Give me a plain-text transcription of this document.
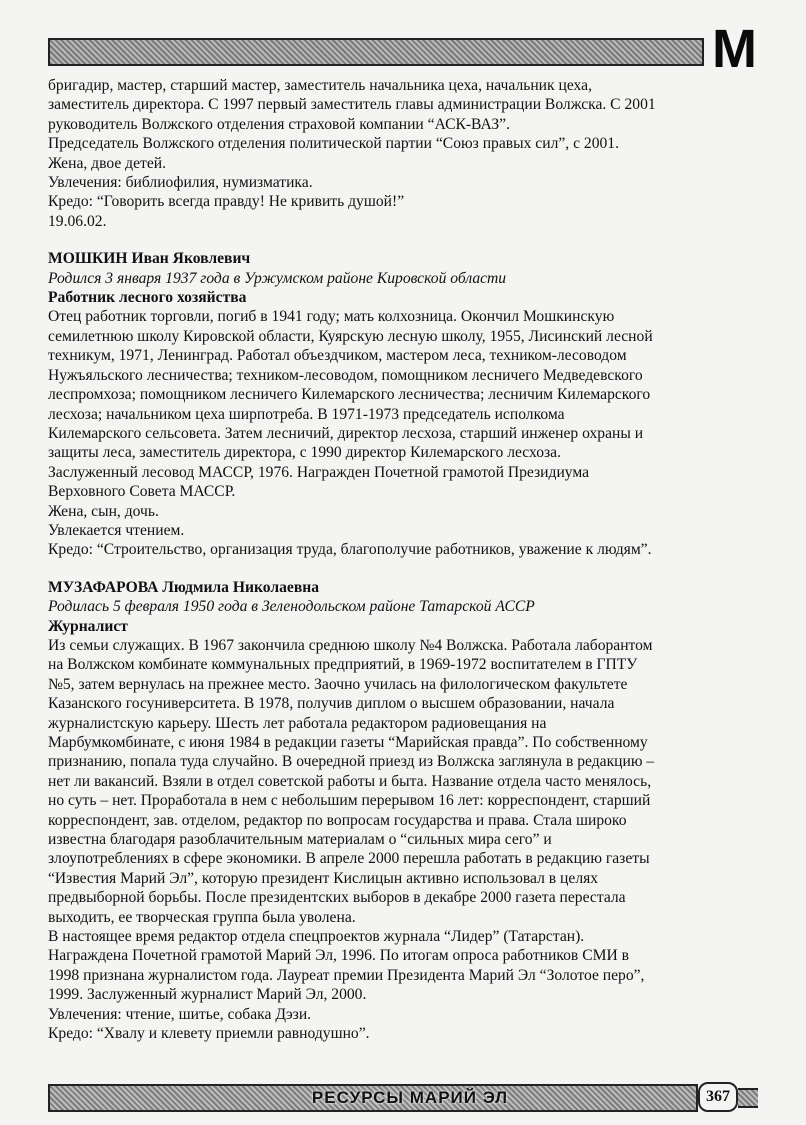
М
бригадир, мастер, старший мастер, заместитель начальника цеха, начальник цеха,
заместитель директора. С 1997 первый заместитель главы администрации Волжска. С 2001
руководитель Волжского отделения страховой компании “АСК-ВАЗ”.
Председатель Волжского отделения политической партии “Союз правых сил”, с 2001.
Жена, двое детей.
Увлечения: библиофилия, нумизматика.
Кредо: “Говорить всегда правду! Не кривить душой!”
19.06.02.
МОШКИН Иван Яковлевич
Родился 3 января 1937 года в Уржумском районе Кировской области
Работник лесного хозяйства
Отец работник торговли, погиб в 1941 году; мать колхозница. Окончил Мошкинскую
семилетнюю школу Кировской области, Куярскую лесную школу, 1955, Лисинский лесной
техникум, 1971, Ленинград. Работал объездчиком, мастером леса, техником-лесоводом
Нужъяльского лесничества; техником-лесоводом, помощником лесничего Медведевского
леспромхоза; помощником лесничего Килемарского лесничества; лесничим Килемарского
лесхоза; начальником цеха ширпотреба. В 1971-1973 председатель исполкома
Килемарского сельсовета. Затем лесничий, директор лесхоза, старший инженер охраны и
защиты леса, заместитель директора, с 1990 директор Килемарского лесхоза.
Заслуженный лесовод МАССР, 1976. Награжден Почетной грамотой Президиума
Верховного Совета МАССР.
Жена, сын, дочь.
Увлекается чтением.
Кредо: “Строительство, организация труда, благополучие работников, уважение к людям”.
МУЗАФАРОВА Людмила Николаевна
Родилась 5 февраля 1950 года в Зеленодольском районе Татарской АССР
Журналист
Из семьи служащих. В 1967 закончила среднюю школу №4 Волжска. Работала лаборантом
на Волжском комбинате коммунальных предприятий, в 1969-1972 воспитателем в ГПТУ
№5, затем вернулась на прежнее место. Заочно училась на филологическом факультете
Казанского госуниверситета. В 1978, получив диплом о высшем образовании, начала
журналистскую карьеру. Шесть лет работала редактором радиовещания на
Марбумкомбинате, с июня 1984 в редакции газеты “Марийская правда”. По собственному
признанию, попала туда случайно. В очередной приезд из Волжска заглянула в редакцию –
нет ли вакансий. Взяли в отдел советской работы и быта. Название отдела часто менялось,
но суть – нет. Проработала в нем с небольшим перерывом 16 лет: корреспондент, старший
корреспондент, зав. отделом, редактор по вопросам государства и права. Стала широко
известна благодаря разоблачительным материалам о “сильных мира сего” и
злоупотреблениях в сфере экономики. В апреле 2000 перешла работать в редакцию газеты
“Известия Марий Эл”, которую президент Кислицын активно использовал в целях
предвыборной борьбы. После президентских выборов в декабре 2000 газета перестала
выходить, ее творческая группа была уволена.
В настоящее время редактор отдела спецпроектов журнала “Лидер” (Татарстан).
Награждена Почетной грамотой Марий Эл, 1996. По итогам опроса работников СМИ в
1998 признана журналистом года. Лауреат премии Президента Марий Эл “Золотое перо”,
1999. Заслуженный журналист Марий Эл, 2000.
Увлечения: чтение, шитье, собака Дэзи.
Кредо: “Хвалу и клевету приемли равнодушно”.
РЕСУРСЫ МАРИЙ ЭЛ	367
